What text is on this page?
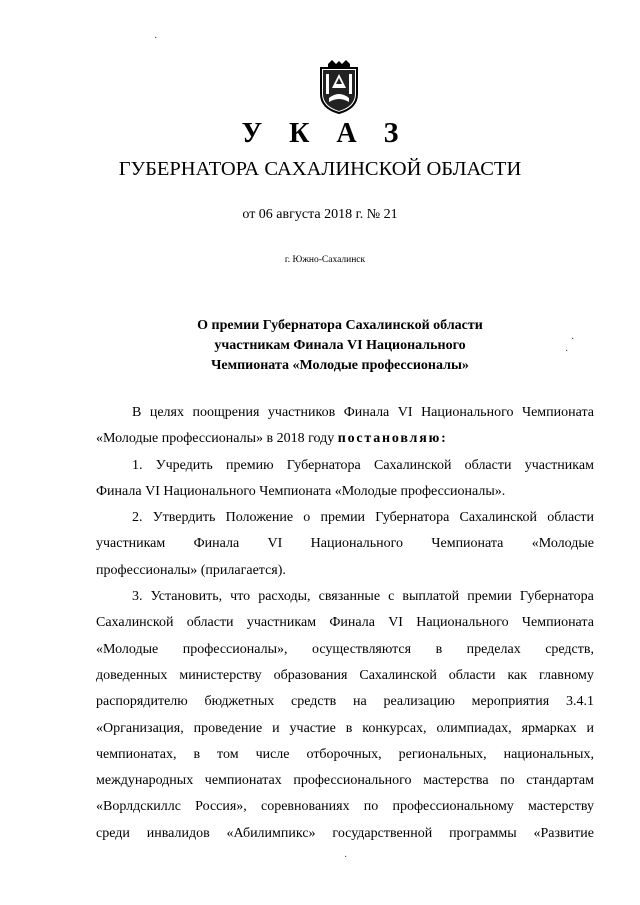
У К А З
ГУБЕРНАТОРА САХАЛИНСКОЙ ОБЛАСТИ
от 06 августа 2018 г. № 21
г. Южно-Сахалинск
О премии Губернатора Сахалинской области
участникам Финала VI Национального
Чемпионата «Молодые профессионалы»
В целях поощрения участников Финала VI Национального Чемпионата
«Молодые профессионалы» в 2018 году постановляю:
1. Учредить премию Губернатора Сахалинской области участникам
Финала VI Национального Чемпионата «Молодые профессионалы».
2. Утвердить Положение о премии Губернатора Сахалинской области
участникам Финала VI Национального Чемпионата «Молодые
профессионалы» (прилагается).
3. Установить, что расходы, связанные с выплатой премии Губернатора
Сахалинской области участникам Финала VI Национального Чемпионата
«Молодые профессионалы», осуществляются в пределах средств,
доведенных министерству образования Сахалинской области как главному
распорядителю бюджетных средств на реализацию мероприятия 3.4.1
«Организация, проведение и участие в конкурсах, олимпиадах, ярмарках и
чемпионатах, в том числе отборочных, региональных, национальных,
международных чемпионатах профессионального мастерства по стандартам
«Ворлдскиллс Россия», соревнованиях по профессиональному мастерству
среди инвалидов «Абилимпикс» государственной программы «Развитие
·
·
·
·
